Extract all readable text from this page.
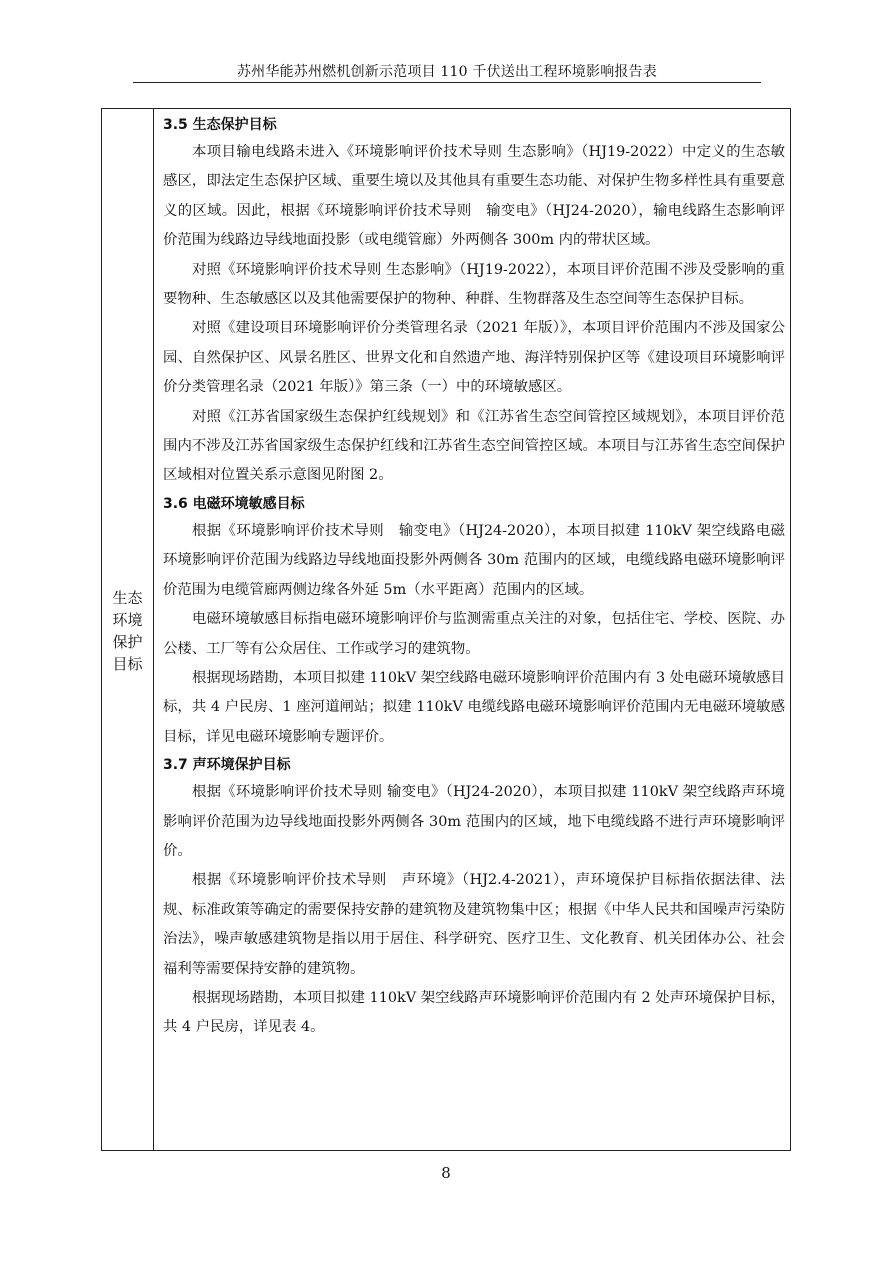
苏州华能苏州燃机创新示范项目 110 千伏送出工程环境影响报告表
生态
环境
保护
目标
3.5 生态保护目标

本项目输电线路未进入《环境影响评价技术导则 生态影响》（HJ19-2022）中定义的生态敏感区，即法定生态保护区域、重要生境以及其他具有重要生态功能、对保护生物多样性具有重要意义的区域。因此，根据《环境影响评价技术导则　输变电》（HJ24-2020），输电线路生态影响评价范围为线路边导线地面投影（或电缆管廊）外两侧各 300m 内的带状区域。

对照《环境影响评价技术导则 生态影响》（HJ19-2022），本项目评价范围不涉及受影响的重要物种、生态敏感区以及其他需要保护的物种、种群、生物群落及生态空间等生态保护目标。

对照《建设项目环境影响评价分类管理名录（2021 年版）》，本项目评价范围内不涉及国家公园、自然保护区、风景名胜区、世界文化和自然遗产地、海洋特别保护区等《建设项目环境影响评价分类管理名录（2021 年版）》第三条（一）中的环境敏感区。

对照《江苏省国家级生态保护红线规划》和《江苏省生态空间管控区域规划》，本项目评价范围内不涉及江苏省国家级生态保护红线和江苏省生态空间管控区域。本项目与江苏省生态空间保护区域相对位置关系示意图见附图 2。

3.6 电磁环境敏感目标

根据《环境影响评价技术导则　输变电》（HJ24-2020），本项目拟建 110kV 架空线路电磁环境影响评价范围为线路边导线地面投影外两侧各 30m 范围内的区域，电缆线路电磁环境影响评价范围为电缆管廊两侧边缘各外延 5m（水平距离）范围内的区域。

电磁环境敏感目标指电磁环境影响评价与监测需重点关注的对象，包括住宅、学校、医院、办公楼、工厂等有公众居住、工作或学习的建筑物。

根据现场踏勘，本项目拟建 110kV 架空线路电磁环境影响评价范围内有 3 处电磁环境敏感目标，共 4 户民房、1 座河道闸站；拟建 110kV 电缆线路电磁环境影响评价范围内无电磁环境敏感目标，详见电磁环境影响专题评价。

3.7 声环境保护目标

根据《环境影响评价技术导则 输变电》（HJ24-2020），本项目拟建 110kV 架空线路声环境影响评价范围为边导线地面投影外两侧各 30m 范围内的区域，地下电缆线路不进行声环境影响评价。

根据《环境影响评价技术导则　声环境》（HJ2.4-2021），声环境保护目标指依据法律、法规、标准政策等确定的需要保持安静的建筑物及建筑物集中区；根据《中华人民共和国噪声污染防治法》，噪声敏感建筑物是指以用于居住、科学研究、医疗卫生、文化教育、机关团体办公、社会福利等需要保持安静的建筑物。

根据现场踏勘，本项目拟建 110kV 架空线路声环境影响评价范围内有 2 处声环境保护目标，共 4 户民房，详见表 4。

8
